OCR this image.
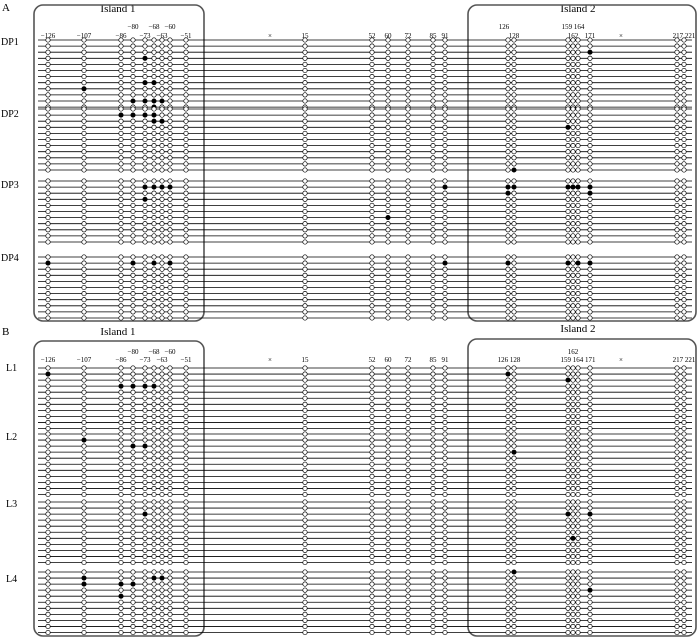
A	Island 1	Island 2
−126	−107	−86
−80
−73
−68
−63
−60
−51	×	15	52 60 72	85 91
126
128
159 164
162 171	×	217 221
B	Island 1	Island 2
−126	−107	−86
−80
−73
−68
−63
−60
−51	×	15	52 60 72	85 91	126 128
162
159 164 171	×	217 221
DP1
DP2
DP3
DP4
L1
L2
L3
L4
